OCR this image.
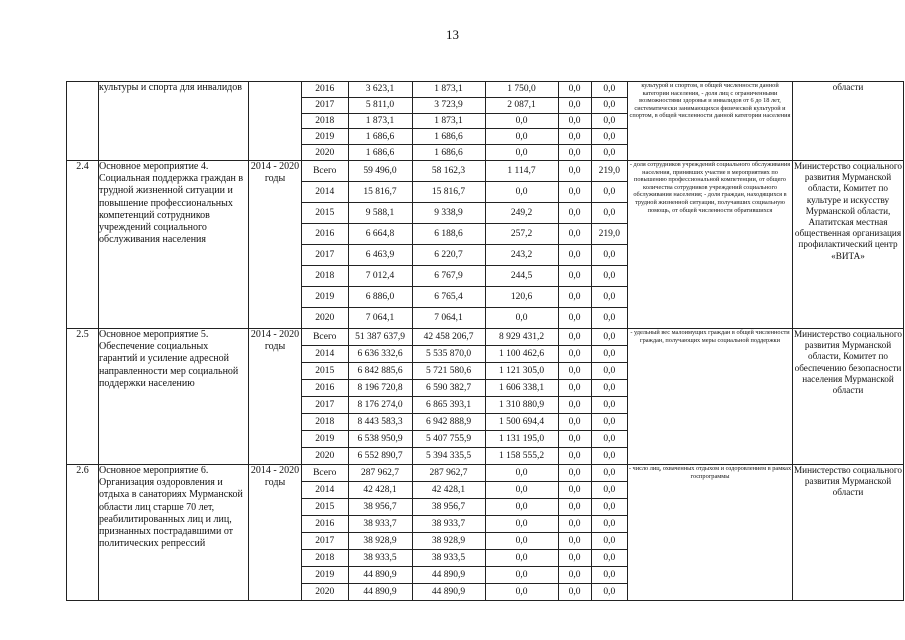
13
	культуры и спорта для инвалидов			2016	3 623,1	1 873,1	1 750,0	0,0	0,0
2017	5 811,0	3 723,9	2 087,1	0,0	0,0
2018	1 873,1	1 873,1	0,0	0,0	0,0
2019	1 686,6	1 686,6	0,0	0,0	0,0
2020	1 686,6	1 686,6	0,0	0,0	0,0
	культурой и спортом, в общей численности данной категории населения, - доля лиц с ограниченными возможностями здоровья и инвалидов от 6 до 18 лет, систематически занимающихся физической культурой и спортом, в общей численности данной категории населения	области
2.4	Основное мероприятие 4. Социальная поддержка граждан в трудной жизненной ситуации и повышение профессиональных компетенций сотрудников учреждений социального обслуживания населения	2014 - 2020 годы	
Всего	59 496,0	58 162,3	1 114,7	0,0	219,0
2014	15 816,7	15 816,7	0,0	0,0	0,0
2015	9 588,1	9 338,9	249,2	0,0	0,0
2016	6 664,8	6 188,6	257,2	0,0	219,0
2017	6 463,9	6 220,7	243,2	0,0	0,0
2018	7 012,4	6 767,9	244,5	0,0	0,0
2019	6 886,0	6 765,4	120,6	0,0	0,0
2020	7 064,1	7 064,1	0,0	0,0	0,0
	- доля сотрудников учреждений социального обслуживания населения, принявших участие в мероприятиях по повышению профессиональной компетенции, от общего количества сотрудников учреждений социального обслуживания населения; - доля граждан, находящихся в трудной жизненной ситуации, получавших социальную помощь, от общей численности обратившихся	Министерство социального развития Мурманской области, Комитет по культуре и искусству Мурманской области, Апатитская местная общественная организация профилактический центр «ВИТА»
2.5	Основное мероприятие 5. Обеспечение социальных гарантий и усиление адресной направленности мер социальной поддержки населению	2014 - 2020 годы	
Всего	51 387 637,9	42 458 206,7	8 929 431,2	0,0	0,0
2014	6 636 332,6	5 535 870,0	1 100 462,6	0,0	0,0
2015	6 842 885,6	5 721 580,6	1 121 305,0	0,0	0,0
2016	8 196 720,8	6 590 382,7	1 606 338,1	0,0	0,0
2017	8 176 274,0	6 865 393,1	1 310 880,9	0,0	0,0
2018	8 443 583,3	6 942 888,9	1 500 694,4	0,0	0,0
2019	6 538 950,9	5 407 755,9	1 131 195,0	0,0	0,0
2020	6 552 890,7	5 394 335,5	1 158 555,2	0,0	0,0
	- удельный вес малоимущих граждан в общей численности граждан, получающих меры социальной поддержки	Министерство социального развития Мурманской области, Комитет по обеспечению безопасности населения Мурманской области
2.6	Основное мероприятие 6. Организация оздоровления и отдыха в санаториях Мурманской области лиц старше 70 лет, реабилитированных лиц и лиц, признанных пострадавшими от политических репрессий	2014 - 2020 годы	
Всего	287 962,7	287 962,7	0,0	0,0	0,0
2014	42 428,1	42 428,1	0,0	0,0	0,0
2015	38 956,7	38 956,7	0,0	0,0	0,0
2016	38 933,7	38 933,7	0,0	0,0	0,0
2017	38 928,9	38 928,9	0,0	0,0	0,0
2018	38 933,5	38 933,5	0,0	0,0	0,0
2019	44 890,9	44 890,9	0,0	0,0	0,0
2020	44 890,9	44 890,9	0,0	0,0	0,0
	- число лиц, охваченных отдыхом и оздоровлением в рамках госпрограммы	Министерство социального развития Мурманской области
